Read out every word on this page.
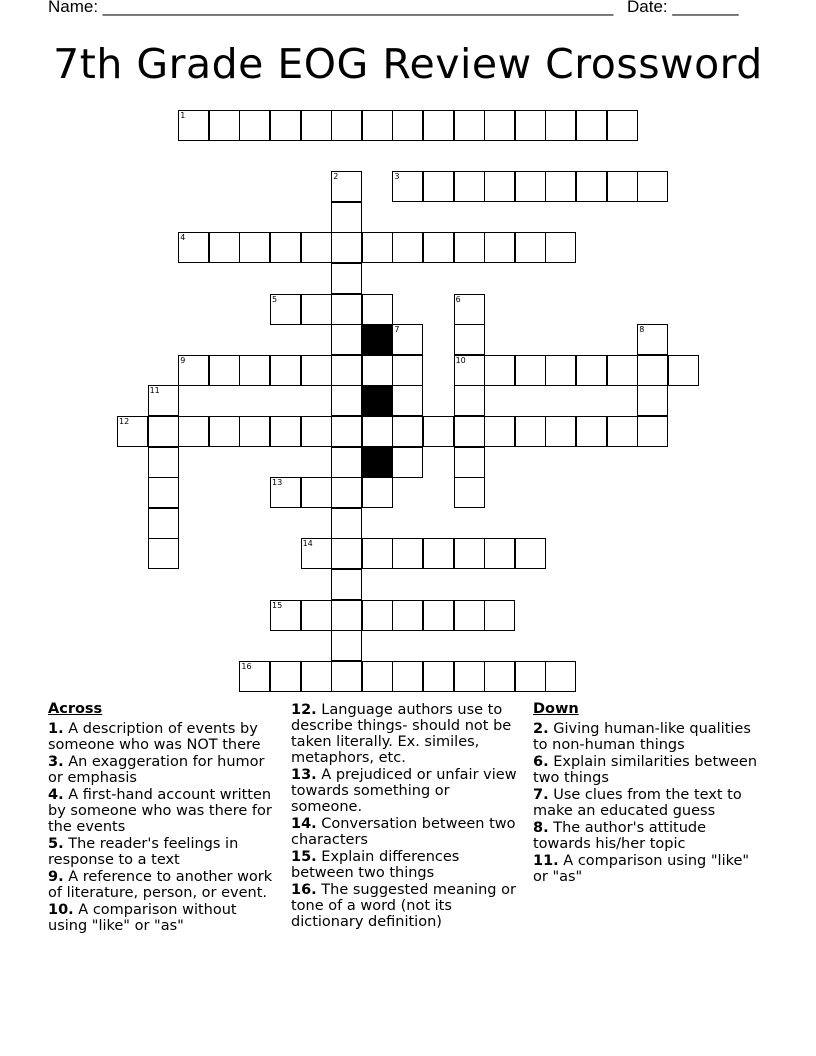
Name: ______________________________________________________ Date: _______
7th Grade EOG Review Crossword
1
2	3
4
5	6
10
7	8
9
11
12
13
14
15
16
Across
1. A description of events by someone who was NOT there
3. An exaggeration for humor or emphasis
4. A first-hand account written by someone who was there for the events
5. The reader's feelings in response to a text
9. A reference to another work of literature, person, or event.
10. A comparison without using "like" or "as"
12. Language authors use to describe things- should not be taken literally. Ex. similes, metaphors, etc.
13. A prejudiced or unfair view towards something or someone.
14. Conversation between two characters
15. Explain differences between two things
16. The suggested meaning or tone of a word (not its dictionary definition)
Down
2. Giving human-like qualities to non-human things
6. Explain similarities between two things
7. Use clues from the text to make an educated guess
8. The author's attitude towards his/her topic
11. A comparison using "like" or "as"
